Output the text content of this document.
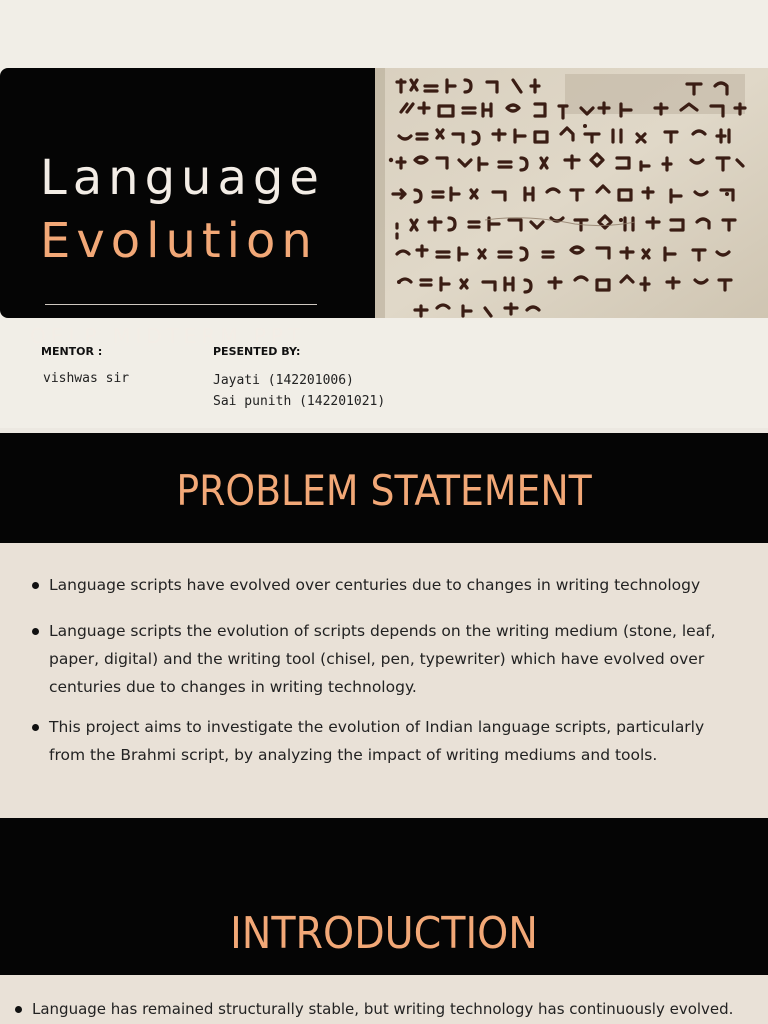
Language
Evolution
OELP MIDTERM PPT
MENTOR :
vishwas sir
PESENTED BY:
Jayati (142201006)
Sai punith (142201021)
PROBLEM STATEMENT
Language scripts have evolved over centuries due to changes in writing technology
Language scripts the evolution of scripts depends on the writing medium (stone, leaf, paper, digital) and the writing tool (chisel, pen, typewriter) which have evolved over centuries due to changes in writing technology.
This project aims to investigate the evolution of Indian language scripts, particularly from the Brahmi script, by analyzing the impact of writing mediums and tools.
INTRODUCTION
Language has remained structurally stable, but writing technology has continuously evolved.
